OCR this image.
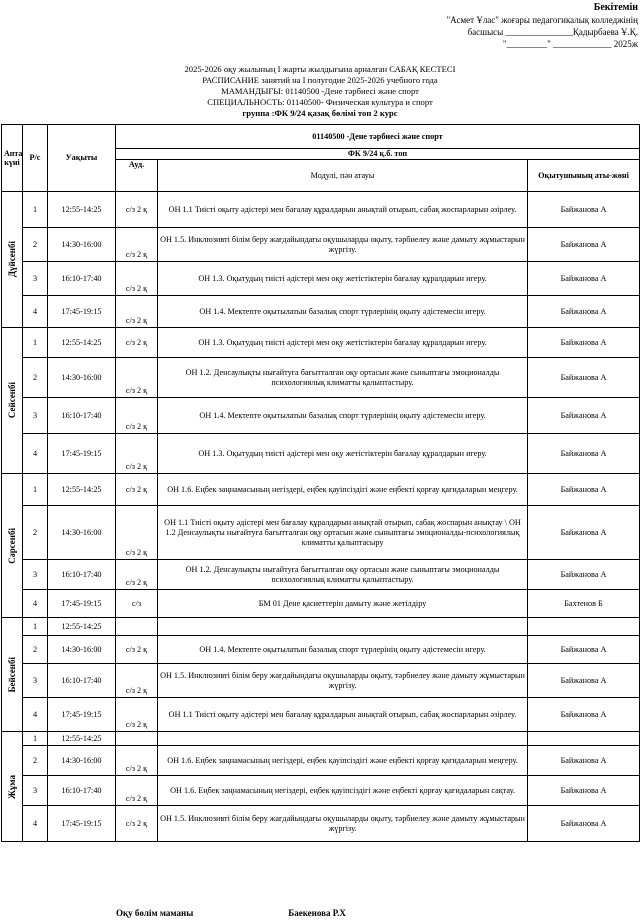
Бекітемін
"Асмет Ұлас" жоғары педагогикалық колледжінің
басшысы _______________Қадырбаева Ұ.Қ.
"_________" _____________ 2025ж
2025-2026 оқу жылының І жарты жылдығына арналған САБАҚ КЕСТЕСІ
РАСПИСАНИЕ занятий на I полугодие 2025-2026 учебного года
МАМАНДЫҒЫ: 01140500 -Дене тәрбиесі және спорт
СПЕЦИАЛЬНОСТЬ: 01140500- Физическая культура и спорт
группа :ФК 9/24 қазақ бөлімі топ 2 курс
Апта күні	Р/с	Уақыты	01140500 -Дене тәрбиесі және спорт		
			ФК 9/24 қ.б. топ		
			Ауд.	Модулі, пән атауы	Оқытушының аты-жөні

Дүйсенбі	1	12:55-14:25	с/з 2 қ	ОН 1.1 Тиісті оқыту әдістері мен бағалау құралдарын анықтай отырып, сабақ жоспарларын әзірлеу.	Байжанова А
	2	14:30-16:00	с/з 2 қ	ОН 1.5. Инклюзивті білім беру жағдайындағы оқушыларды оқыту, тәрбиелеу және дамыту жұмыстарын жүргізу.	Байжанова А
	3	16:10-17:40	с/з 2 қ	ОН 1.3. Оқытудың тиісті әдістері мен оқу жетістіктерін бағалау құралдарын игеру.	Байжанова А
	4	17:45-19:15	с/з 2 қ	ОН 1.4. Мектепте оқытылатын базалық спорт түрлерінің оқыту әдістемесін игеру.	Байжанова А

Сейсенбі	1	12:55-14:25	с/з 2 қ	ОН 1.3. Оқытудың тиісті әдістері мен оқу жетістіктерін бағалау құралдарын игеру.	Байжанова А
	2	14:30-16:00	с/з 2 қ	ОН 1.2. Денсаулықты нығайтуға бағытталған оқу ортасын және сыныптағы эмоционалды психологиялық климатты қалыптастыру.	Байжанова А
	3	16:10-17:40	с/з 2 қ	ОН 1.4. Мектепте оқытылатын базалық спорт түрлерінің оқыту әдістемесін игеру.	Байжанова А
	4	17:45-19:15	с/з 2 қ	ОН 1.3. Оқытудың тиісті әдістері мен оқу жетістіктерін бағалау құралдарын игеру.	Байжанова А

Сәрсенбі	1	12:55-14:25	с/з 2 қ	ОН 1.6. Еңбек заңнамасының негіздері, еңбек қауіпсіздігі және еңбекті қорғау қағидаларын меңгеру.	Байжанова А
	2	14:30-16:00	с/з 2 қ	ОН 1.1 Тиісті оқыту әдістері мен бағалау құралдарын анықтай отырып, сабақ жоспарын анықтау \ ОН 1.2 Денсаулықты нығайтуға бағытталған оқу ортасын және сыныптағы эмоционалды-психологиялық климатты қалыптасыру	Байжанова А
	3	16:10-17:40	с/з 2 қ	ОН 1.2. Денсаулықты нығайтуға бағытталған оқу ортасын және сыныптағы эмоционалды психологиялық климатты қалыптастыру.	Байжанова А
	4	17:45-19:15	с/з	БМ 01 Дене қасиеттерін дамыту және жетілдіру	Бахтенов Б

Бейсенбі	1	12:55-14:25			
	2	14:30-16:00	с/з 2 қ	ОН 1.4. Мектепте оқытылатын базалық спорт түрлерінің оқыту әдістемесін игеру.	Байжанова А
	3	16:10-17:40	с/з 2 қ	ОН 1.5. Инклюзивті білім беру жағдайындағы оқушыларды оқыту, тәрбиелеу және дамыту жұмыстарын жүргізу.	Байжанова А
	4	17:45-19:15	с/з 2 қ	ОН 1.1 Тиісті оқыту әдістері мен бағалау құралдарын анықтай отырып, сабақ жоспарларын әзірлеу.	Байжанова А

Жұма	1	12:55-14:25			
	2	14:30-16:00	с/з 2 қ	ОН 1.6. Еңбек заңнамасының негіздері, еңбек қауіпсіздігі және еңбекті қорғау қағидаларын меңгеру.	Байжанова А
	3	16:10-17:40	с/з 2 қ	ОН 1.6. Еңбек заңнамасының негіздері, еңбек қауіпсіздігі және еңбекті қорғау қағидаларын сақтау.	Байжанова А
	4	17:45-19:15	с/з 2 қ	ОН 1.5. Инклюзивті білім беру жағдайындағы оқушыларды оқыту, тәрбиелеу және дамыту жұмыстарын жүргізу.	Байжанова А
Оқу бөлім маманы	Баекенова Р.Х
